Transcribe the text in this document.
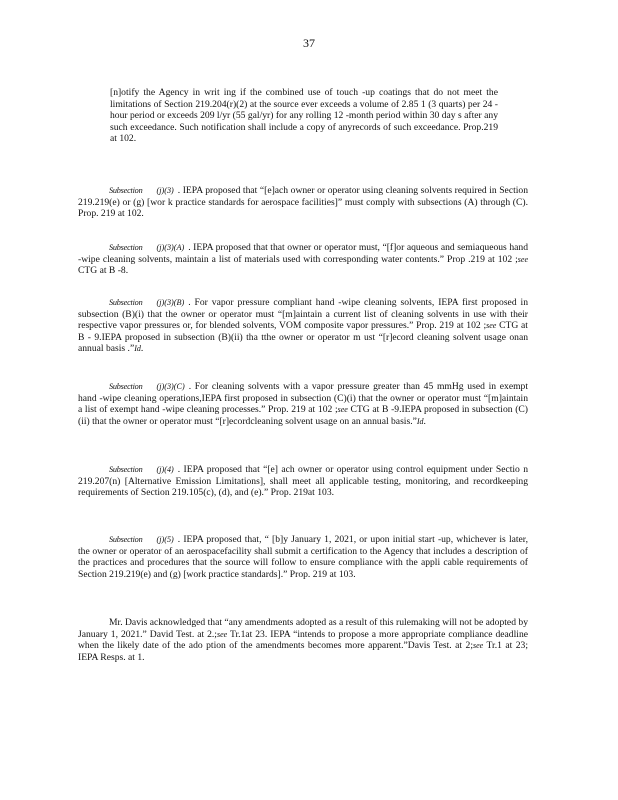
37

[n]otify the Agency in writ ing if the combined use of touch -up coatings that do not meet the limitations of Section 219.204(r)(2) at the source ever exceeds a volume of 2.85 1 (3 quarts) per 24 -hour period or exceeds 209 l/yr (55 gal/yr) for any rolling 12 -month period within 30 day s after any such exceedance. Such notification shall include a copy of anyrecords of such exceedance. Prop.219 at 102.

Subsection (j)(3) . IEPA proposed that “[e]ach owner or operator using cleaning solvents required in Section 219.219(e) or (g) [wor k practice standards for aerospace facilities]” must comply with subsections (A) through (C). Prop. 219 at 102.

Subsection (j)(3)(A) . IEPA proposed that that owner or operator must, “[f]or aqueous and semiaqueous hand -wipe cleaning solvents, maintain a list of materials used with corresponding water contents.” Prop .219 at 102 ;see CTG at B -8.

Subsection (j)(3)(B) . For vapor pressure compliant hand -wipe cleaning solvents, IEPA first proposed in subsection (B)(i) that the owner or operator must “[m]aintain a current list of cleaning solvents in use with their respective vapor pressures or, for blended solvents, VOM composite vapor pressures.” Prop. 219 at 102 ;see CTG at B - 9.IEPA proposed in subsection (B)(ii) tha tthe owner or operator m ust “[r]ecord cleaning solvent usage onan annual basis .”Id.

Subsection (j)(3)(C) . For cleaning solvents with a vapor pressure greater than 45 mmHg used in exempt hand -wipe cleaning operations,IEPA first proposed in subsection (C)(i) that the owner or operator must “[m]aintain a list of exempt hand -wipe cleaning processes.” Prop. 219 at 102 ;see CTG at B -9.IEPA proposed in subsection (C)(ii) that the owner or operator must “[r]ecordcleaning solvent usage on an annual basis.”Id.

Subsection (j)(4) . IEPA proposed that “[e] ach owner or operator using control equipment under Sectio n 219.207(n) [Alternative Emission Limitations], shall meet all applicable testing, monitoring, and recordkeeping requirements of Section 219.105(c), (d), and (e).” Prop. 219at 103.

Subsection (j)(5) . IEPA proposed that, “ [b]y January 1, 2021, or upon initial start -up, whichever is later, the owner or operator of an aerospacefacility shall submit a certification to the Agency that includes a description of the practices and procedures that the source will follow to ensure compliance with the appli cable requirements of Section 219.219(e) and (g) [work practice standards].” Prop. 219 at 103.

Mr. Davis acknowledged that “any amendments adopted as a result of this rulemaking will not be adopted by January 1, 2021.” David Test. at 2.;see Tr.1at 23. IEPA “intends to propose a more appropriate compliance deadline when the likely date of the ado ption of the amendments becomes more apparent.”Davis Test. at 2;see Tr.1 at 23; IEPA Resps. at 1.
